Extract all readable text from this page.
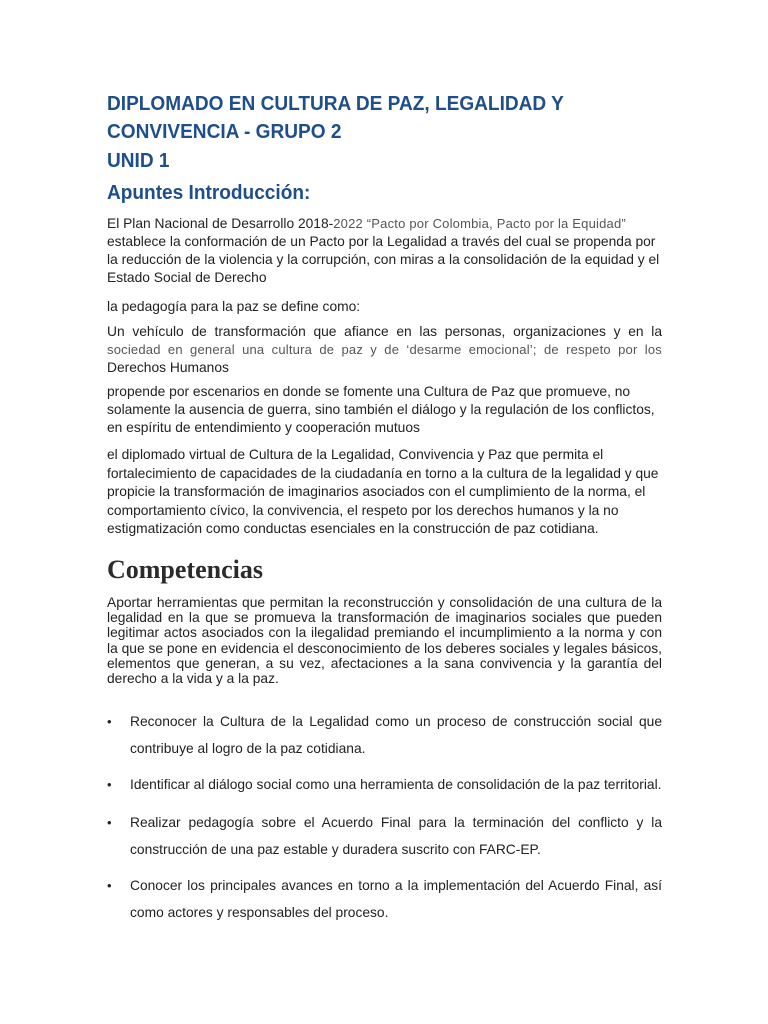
DIPLOMADO EN CULTURA DE PAZ, LEGALIDAD Y CONVIVENCIA - GRUPO 2
UNID 1
Apuntes Introducción:

El Plan Nacional de Desarrollo 2018-2022 “Pacto por Colombia, Pacto por la Equidad” establece la conformación de un Pacto por la Legalidad a través del cual se propenda por la reducción de la violencia y la corrupción, con miras a la consolidación de la equidad y el Estado Social de Derecho

la pedagogía para la paz se define como:

Un vehículo de transformación que afiance en las personas, organizaciones y en la
sociedad en general una cultura de paz y de ‘desarme emocional’; de respeto por los
Derechos Humanos

propende por escenarios en donde se fomente una Cultura de Paz que promueve, no solamente la ausencia de guerra, sino también el diálogo y la regulación de los conflictos, en espíritu de entendimiento y cooperación mutuos

el diplomado virtual de Cultura de la Legalidad, Convivencia y Paz que permita el fortalecimiento de capacidades de la ciudadanía en torno a la cultura de la legalidad y que propicie la transformación de imaginarios asociados con el cumplimiento de la norma, el comportamiento cívico, la convivencia, el respeto por los derechos humanos y la no estigmatización como conductas esenciales en la construcción de paz cotidiana.

Competencias

Aportar herramientas que permitan la reconstrucción y consolidación de una cultura de la legalidad en la que se promueva la transformación de imaginarios sociales que pueden legitimar actos asociados con la ilegalidad premiando el incumplimiento a la norma y con la que se pone en evidencia el desconocimiento de los deberes sociales y legales básicos, elementos que generan, a su vez, afectaciones a la sana convivencia y la garantía del derecho a la vida y a la paz.

•	Reconocer la Cultura de la Legalidad como un proceso de construcción social que contribuye al logro de la paz cotidiana.
•	Identificar al diálogo social como una herramienta de consolidación de la paz territorial.
•	Realizar pedagogía sobre el Acuerdo Final para la terminación del conflicto y la construcción de una paz estable y duradera suscrito con FARC-EP.
•	Conocer los principales avances en torno a la implementación del Acuerdo Final, así como actores y responsables del proceso.
